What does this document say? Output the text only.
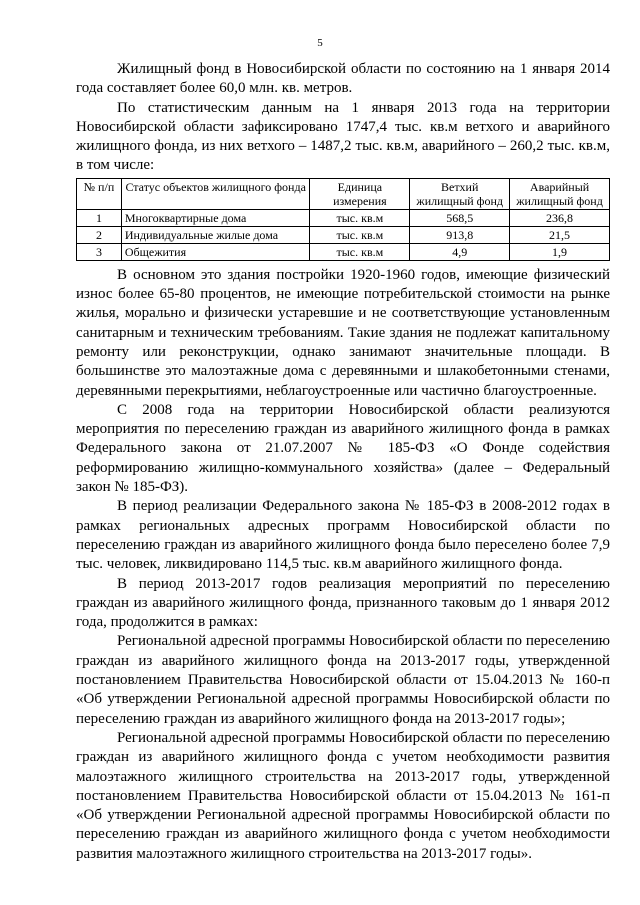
5

Жилищный фонд в Новосибирской области по состоянию на 1 января 2014 года составляет более 60,0 млн. кв. метров.

По статистическим данным на 1 января 2013 года на территории Новосибирской области зафиксировано 1747,4 тыс. кв.м ветхого и аварийного жилищного фонда, из них ветхого – 1487,2 тыс. кв.м, аварийного – 260,2 тыс. кв.м, в том числе:

№ п/п	Статус объектов жилищного фонда	Единица измерения	Ветхий жилищный фонд	Аварийный жилищный фонд
1	Многоквартирные дома	тыс. кв.м	568,5	236,8
2	Индивидуальные жилые дома	тыс. кв.м	913,8	21,5
3	Общежития	тыс. кв.м	4,9	1,9

В основном это здания постройки 1920-1960 годов, имеющие физический износ более 65-80 процентов, не имеющие потребительской стоимости на рынке жилья, морально и физически устаревшие и не соответствующие установленным санитарным и техническим требованиям. Такие здания не подлежат капитальному ремонту или реконструкции, однако занимают значительные площади. В большинстве это малоэтажные дома с деревянными и шлакобетонными стенами, деревянными перекрытиями, неблагоустроенные или частично благоустроенные.

С 2008 года на территории Новосибирской области реализуются мероприятия по переселению граждан из аварийного жилищного фонда в рамках Федерального закона от 21.07.2007 № 185-ФЗ «О Фонде содействия реформированию жилищно-коммунального хозяйства» (далее – Федеральный закон № 185-ФЗ).

В период реализации Федерального закона № 185-ФЗ в 2008-2012 годах в рамках региональных адресных программ Новосибирской области по переселению граждан из аварийного жилищного фонда было переселено более 7,9 тыс. человек, ликвидировано 114,5 тыс. кв.м аварийного жилищного фонда.

В период 2013-2017 годов реализация мероприятий по переселению граждан из аварийного жилищного фонда, признанного таковым до 1 января 2012 года, продолжится в рамках:

Региональной адресной программы Новосибирской области по переселению граждан из аварийного жилищного фонда на 2013-2017 годы, утвержденной постановлением Правительства Новосибирской области от 15.04.2013 № 160-п «Об утверждении Региональной адресной программы Новосибирской области по переселению граждан из аварийного жилищного фонда на 2013-2017 годы»;

Региональной адресной программы Новосибирской области по переселению граждан из аварийного жилищного фонда с учетом необходимости развития малоэтажного жилищного строительства на 2013-2017 годы, утвержденной постановлением Правительства Новосибирской области от 15.04.2013 № 161-п «Об утверждении Региональной адресной программы Новосибирской области по переселению граждан из аварийного жилищного фонда с учетом необходимости развития малоэтажного жилищного строительства на 2013-2017 годы».
